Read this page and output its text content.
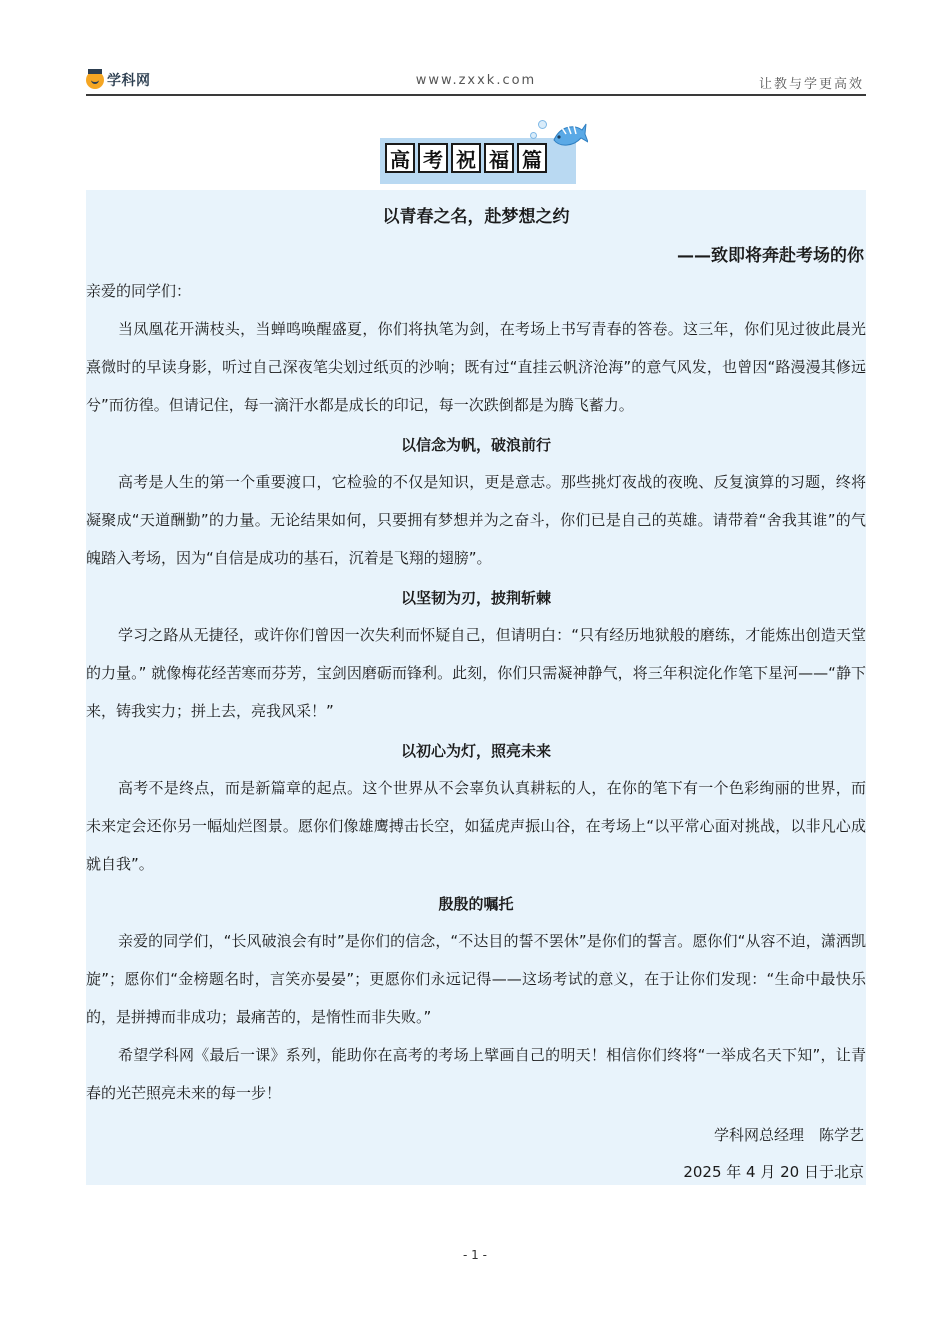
学科网	www.zxxk.com	让教与学更高效
高 考 祝 福 篇
以青春之名，赴梦想之约
——致即将奔赴考场的你

亲爱的同学们：

当凤凰花开满枝头，当蝉鸣唤醒盛夏，你们将执笔为剑，在考场上书写青春的答卷。这三年，你们见过彼此晨光熹微时的早读身影，听过自己深夜笔尖划过纸页的沙响；既有过“直挂云帆济沧海”的意气风发，也曾因“路漫漫其修远兮”而彷徨。但请记住，每一滴汗水都是成长的印记，每一次跌倒都是为腾飞蓄力。

以信念为帆，破浪前行

高考是人生的第一个重要渡口，它检验的不仅是知识，更是意志。那些挑灯夜战的夜晚、反复演算的习题，终将凝聚成“天道酬勤”的力量。无论结果如何，只要拥有梦想并为之奋斗，你们已是自己的英雄。请带着“舍我其谁”的气魄踏入考场，因为“自信是成功的基石，沉着是飞翔的翅膀”。

以坚韧为刃，披荆斩棘

学习之路从无捷径，或许你们曾因一次失利而怀疑自己，但请明白：“只有经历地狱般的磨练，才能炼出创造天堂的力量。” 就像梅花经苦寒而芬芳，宝剑因磨砺而锋利。此刻，你们只需凝神静气，将三年积淀化作笔下星河——“静下来，铸我实力；拼上去，亮我风采！”

以初心为灯，照亮未来

高考不是终点，而是新篇章的起点。这个世界从不会辜负认真耕耘的人，在你的笔下有一个色彩绚丽的世界，而未来定会还你另一幅灿烂图景。愿你们像雄鹰搏击长空，如猛虎声振山谷，在考场上“以平常心面对挑战，以非凡心成就自我”。

殷殷的嘱托

亲爱的同学们，“长风破浪会有时”是你们的信念，“不达目的誓不罢休”是你们的誓言。愿你们“从容不迫，潇洒凯旋”；愿你们“金榜题名时，言笑亦晏晏”；更愿你们永远记得——这场考试的意义，在于让你们发现：“生命中最快乐的，是拼搏而非成功；最痛苦的，是惰性而非失败。”

希望学科网《最后一课》系列，能助你在高考的考场上擘画自己的明天！相信你们终将“一举成名天下知”，让青春的光芒照亮未来的每一步！

学科网总经理　陈学艺
2025 年 4 月 20 日于北京
- 1 -
